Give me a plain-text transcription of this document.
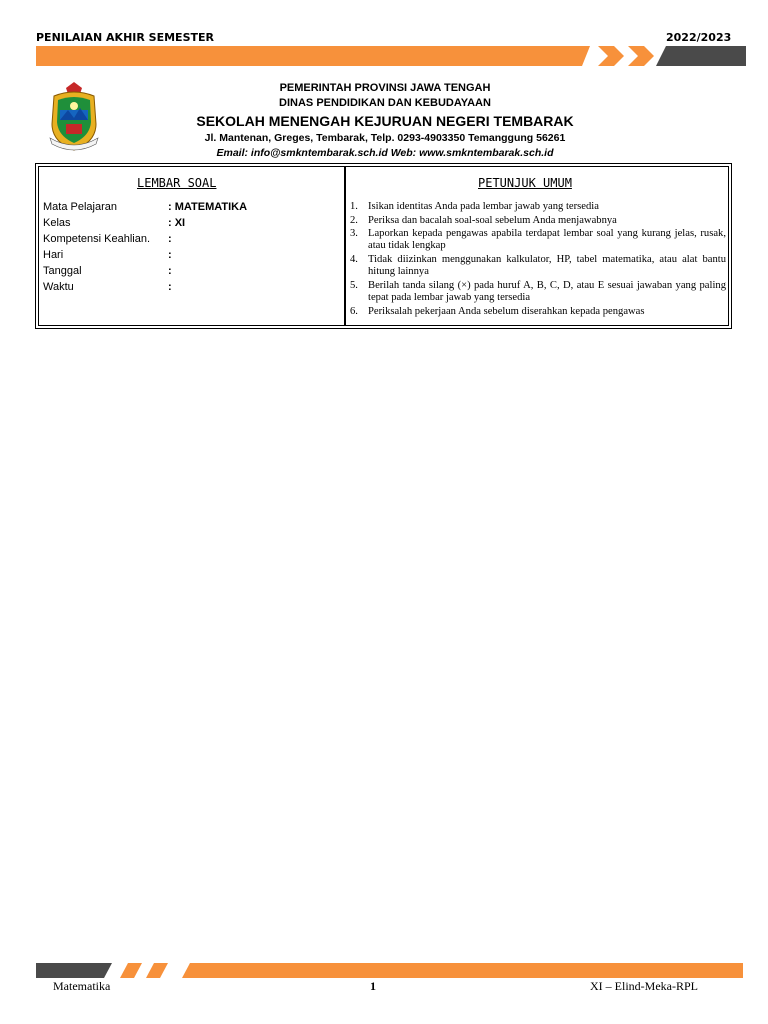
PENILAIAN AKHIR SEMESTER	2022/2023
PEMERINTAH PROVINSI JAWA TENGAH
DINAS PENDIDIKAN DAN KEBUDAYAAN
SEKOLAH MENENGAH KEJURUAN NEGERI TEMBARAK
Jl. Mantenan, Greges, Tembarak, Telp. 0293-4903350 Temanggung 56261
Email: info@smkntembarak.sch.id Web: www.smkntembarak.sch.id
LEMBAR SOAL	PETUNJUK UMUM
Mata Pelajaran	: MATEMATIKA
Kelas	: XI
Kompetensi Keahlian. :
Hari	:
Tanggal	:
Waktu	:
1. Isikan identitas Anda pada lembar jawab yang tersedia
2. Periksa dan bacalah soal-soal sebelum Anda menjawabnya
3. Laporkan kepada pengawas apabila terdapat lembar soal yang kurang jelas, rusak, atau tidak lengkap
4. Tidak diizinkan menggunakan kalkulator, HP, tabel matematika, atau alat bantu hitung lainnya
5. Berilah tanda silang (×) pada huruf A, B, C, D, atau E sesuai jawaban yang paling tepat pada lembar jawab yang tersedia
6. Periksalah pekerjaan Anda sebelum diserahkan kepada pengawas
Matematika	1	XI – Elind-Meka-RPL
